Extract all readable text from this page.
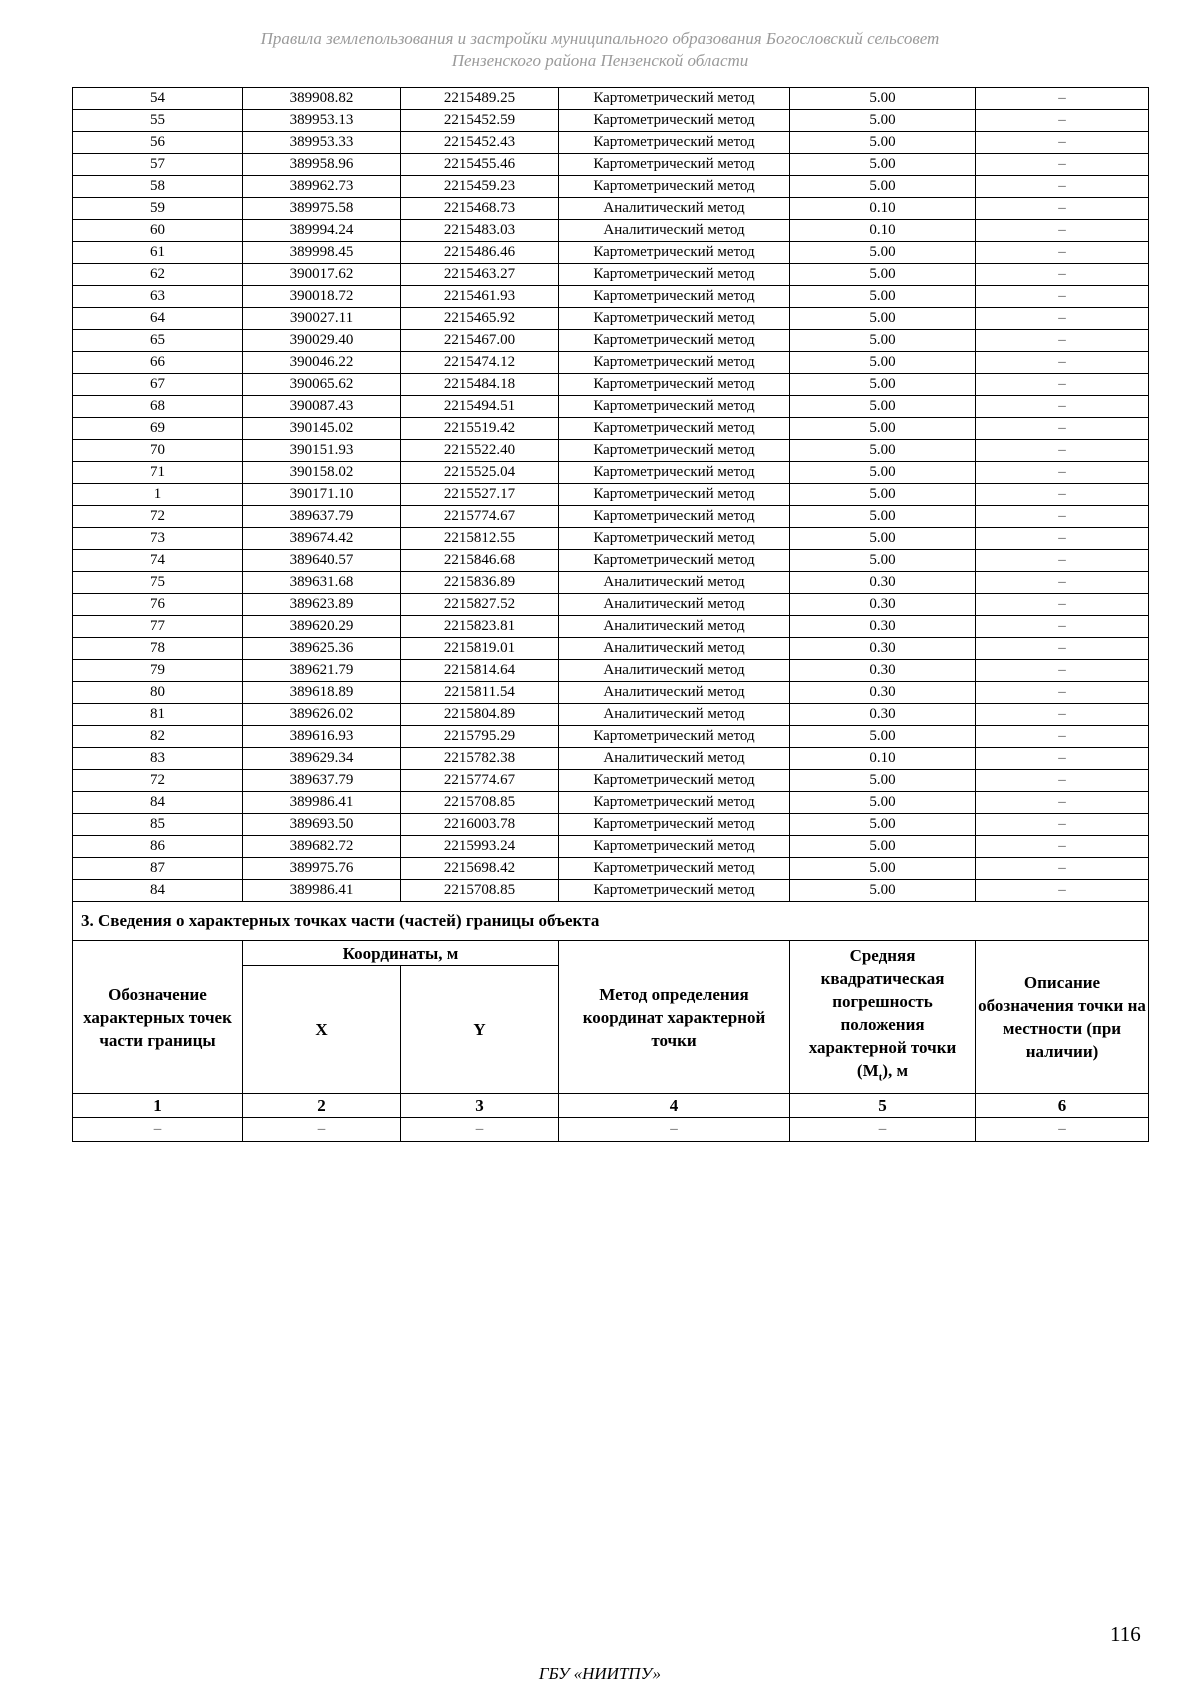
Правила землепользования и застройки муниципального образования Богословский сельсовет
Пензенского района Пензенской области
54	389908.82	2215489.25	Картометрический метод	5.00	–
55	389953.13	2215452.59	Картометрический метод	5.00	–
56	389953.33	2215452.43	Картометрический метод	5.00	–
57	389958.96	2215455.46	Картометрический метод	5.00	–
58	389962.73	2215459.23	Картометрический метод	5.00	–
59	389975.58	2215468.73	Аналитический метод	0.10	–
60	389994.24	2215483.03	Аналитический метод	0.10	–
61	389998.45	2215486.46	Картометрический метод	5.00	–
62	390017.62	2215463.27	Картометрический метод	5.00	–
63	390018.72	2215461.93	Картометрический метод	5.00	–
64	390027.11	2215465.92	Картометрический метод	5.00	–
65	390029.40	2215467.00	Картометрический метод	5.00	–
66	390046.22	2215474.12	Картометрический метод	5.00	–
67	390065.62	2215484.18	Картометрический метод	5.00	–
68	390087.43	2215494.51	Картометрический метод	5.00	–
69	390145.02	2215519.42	Картометрический метод	5.00	–
70	390151.93	2215522.40	Картометрический метод	5.00	–
71	390158.02	2215525.04	Картометрический метод	5.00	–
1	390171.10	2215527.17	Картометрический метод	5.00	–
72	389637.79	2215774.67	Картометрический метод	5.00	–
73	389674.42	2215812.55	Картометрический метод	5.00	–
74	389640.57	2215846.68	Картометрический метод	5.00	–
75	389631.68	2215836.89	Аналитический метод	0.30	–
76	389623.89	2215827.52	Аналитический метод	0.30	–
77	389620.29	2215823.81	Аналитический метод	0.30	–
78	389625.36	2215819.01	Аналитический метод	0.30	–
79	389621.79	2215814.64	Аналитический метод	0.30	–
80	389618.89	2215811.54	Аналитический метод	0.30	–
81	389626.02	2215804.89	Аналитический метод	0.30	–
82	389616.93	2215795.29	Картометрический метод	5.00	–
83	389629.34	2215782.38	Аналитический метод	0.10	–
72	389637.79	2215774.67	Картометрический метод	5.00	–
84	389986.41	2215708.85	Картометрический метод	5.00	–
85	389693.50	2216003.78	Картометрический метод	5.00	–
86	389682.72	2215993.24	Картометрический метод	5.00	–
87	389975.76	2215698.42	Картометрический метод	5.00	–
84	389986.41	2215708.85	Картометрический метод	5.00	–
3. Сведения о характерных точках части (частей) границы объекта					
Обозначение характерных точек части границы	Координаты, м		Метод определения координат характерной точки	Средняя квадратическая погрешность положения характерной точки $(М_t)$, м	Описание обозначения точки на местности (при наличии)
	X	Y			
1	2	3	4	5	6
–	–	–	–	–	–
116
ГБУ «НИИТПУ»
